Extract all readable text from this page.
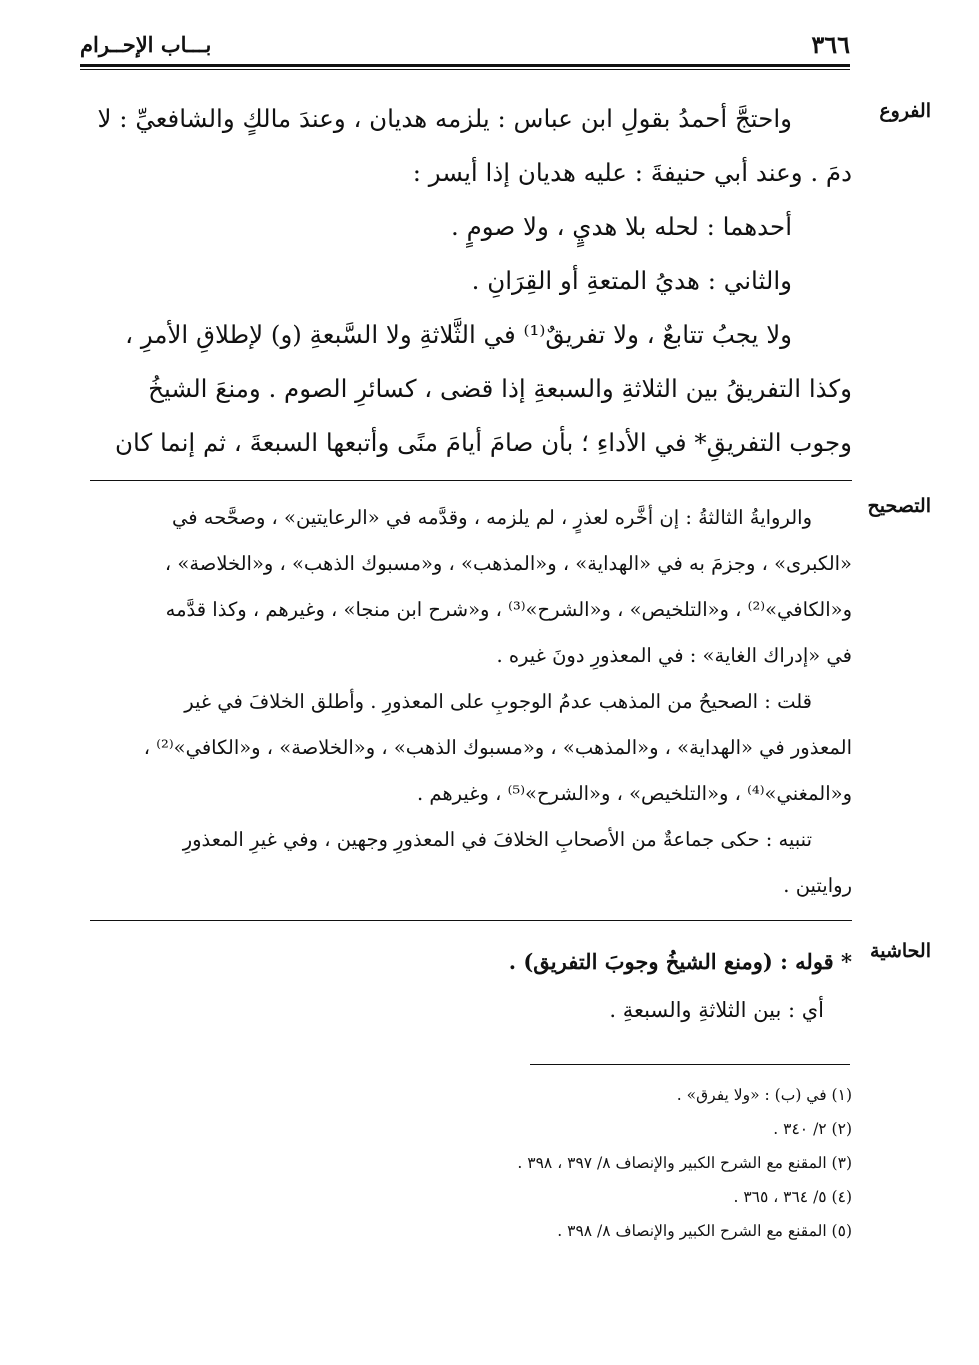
٣٦٦
بـــاب الإحــرام
الفروع

واحتجَّ أحمدُ بقولِ ابن عباس : يلزمه هديان ، وعندَ مالكٍ والشافعيِّ : لا

دمَ . وعند أبي حنيفةَ : عليه هديان إذا أيسر :

أحدهما : لحله بلا هديٍ ، ولا صومٍ .

والثاني : هديُ المتعةِ أو القِرَانِ .

ولا يجبُ تتابعٌ ، ولا تفريقٌ⁽¹⁾ في الثَّلاثةِ ولا السَّبعةِ (و) لإطلاقِ الأمرِ ،

وكذا التفريقُ بين الثلاثةِ والسبعةِ إذا قضى ، كسائرِ الصوم . ومنعَ الشيخُ

وجوب التفريقِ* في الأداءِ ؛ بأن صامَ أيامَ منًى وأتبعها السبعةَ ، ثم إنما كان

التصحيح

والروايةُ الثالثةُ : إن أخَّره لعذرٍ ، لم يلزمه ، وقدَّمه في «الرعايتين» ، وصحَّحه في

«الكبرى» ، وجزمَ به في «الهداية» ، و«المذهب» ، و«مسبوك الذهب» ، و«الخلاصة» ،

و«الكافي»⁽²⁾ ، و«التلخيص» ، و«الشرح»⁽³⁾ ، و«شرح ابن منجا» ، وغيرهم ، وكذا قدَّمه

في «إدراك الغاية» : في المعذورِ دونَ غيره .

قلت : الصحيحُ من المذهب عدمُ الوجوبِ على المعذورِ . وأطلق الخلافَ في غير

المعذور في «الهداية» ، و«المذهب» ، و«مسبوك الذهب» ، و«الخلاصة» ، و«الكافي»⁽²⁾ ،

و«المغني»⁽⁴⁾ ، و«التلخيص» ، و«الشرح»⁽⁵⁾ ، وغيرهم .

تنبيه : حكى جماعةٌ من الأصحابِ الخلافَ في المعذورِ وجهين ، وفي غيرِ المعذورِ

روايتين .

الحاشية

* قوله : (ومنع الشيخُ وجوبَ التفريق) .

أي : بين الثلاثةِ والسبعةِ .

(١) في (ب) : «ولا يفرق» .

(٢) ٢/ ٣٤٠ .

(٣) المقنع مع الشرح الكبير والإنصاف ٨/ ٣٩٧ ، ٣٩٨ .

(٤) ٥/ ٣٦٤ ، ٣٦٥ .

(٥) المقنع مع الشرح الكبير والإنصاف ٨/ ٣٩٨ .
